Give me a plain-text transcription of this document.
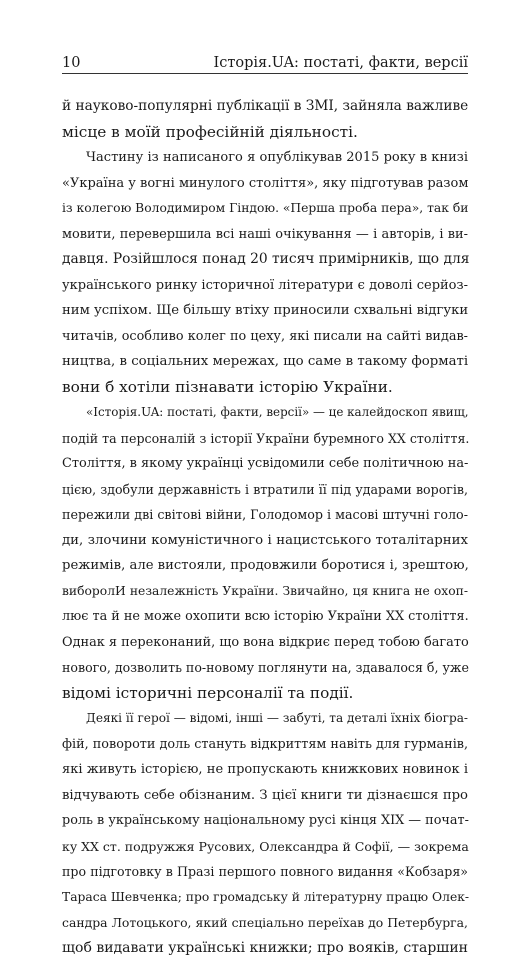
10	Історія.UA: постаті, факти, версії
й науково-популярні публікації в ЗМІ, зайняла важливе
місце в моїй професійній діяльності.
Частину із написаного я опублікував 2015 року в книзі
«Україна у вогні минулого століття», яку підготував разом
із колегою Володимиром Гіндою. «Перша проба пера», так би
мовити, перевершила всі наші очікування — і авторів, і ви-
давця. Розійшлося понад 20 тисяч примірників, що для
українського ринку історичної літератури є доволі серйоз-
ним успіхом. Ще більшу втіху приносили схвальні відгуки
читачів, особливо колег по цеху, які писали на сайті видав-
ництва, в соціальних мережах, що саме в такому форматі
вони б хотіли пізнавати історію України.
«Історія.UA: постаті, факти, версії» — це калейдоскоп явищ,
подій та персоналій з історії України буремного XX століття.
Століття, в якому українці усвідомили себе політичною на-
цією, здобули державність і втратили її під ударами ворогів,
пережили дві світові війни, Голодомор і масові штучні голо-
ди, злочини комуністичного і нацистського тоталітарних
режимів, але вистояли, продовжили боротися і, зрештою,
виборолИ незалежність України. Звичайно, ця книга не охоп-
лює та й не може охопити всю історію України XX століття.
Однак я переконаний, що вона відкриє перед тобою багато
нового, дозволить по-новому поглянути на, здавалося б, уже
відомі історичні персоналії та події.
Деякі її герої — відомі, інші — забуті, та деталі їхніх біогра-
фій, повороти доль стануть відкриттям навіть для гурманів,
які живуть історією, не пропускають книжкових новинок і
відчувають себе обізнаним. З цієї книги ти дізнаєшся про
роль в українському національному русі кінця XIX — почат-
ку XX ст. подружжя Русових, Олександра й Софії, — зокрема
про підготовку в Празі першого повного видання «Кобзаря»
Тараса Шевченка; про громадську й літературну працю Олек-
сандра Лотоцького, який спеціально переїхав до Петербурга,
щоб видавати українські книжки; про вояків, старшин
